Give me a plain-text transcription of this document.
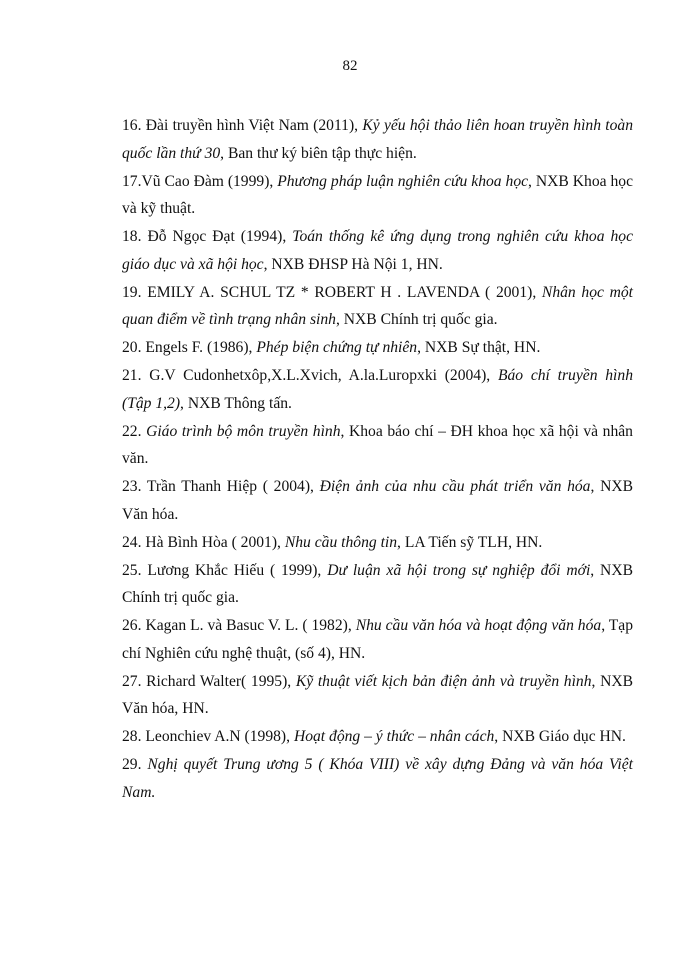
82
16. Đài truyền hình Việt Nam (2011), Kỷ yếu hội thảo liên hoan truyền hình toàn quốc lần thứ 30, Ban thư ký biên tập thực hiện.
17.Vũ Cao Đàm (1999), Phương pháp luận nghiên cứu khoa học, NXB Khoa học và kỹ thuật.
18. Đỗ Ngọc Đạt (1994), Toán thống kê ứng dụng trong nghiên cứu khoa học giáo dục và xã hội học, NXB ĐHSP Hà Nội 1, HN.
19. EMILY A. SCHUL TZ * ROBERT H . LAVENDA ( 2001), Nhân học một quan điểm về tình trạng nhân sinh, NXB Chính trị quốc gia.
20. Engels F. (1986), Phép biện chứng tự nhiên, NXB Sự thật, HN.
21. G.V Cudonhetxôp,X.L.Xvich, A.la.Luropxki (2004), Báo chí truyền hình (Tập 1,2), NXB Thông tấn.
22. Giáo trình bộ môn truyền hình, Khoa báo chí – ĐH khoa học xã hội và nhân văn.
23. Trần Thanh Hiệp ( 2004), Điện ảnh của nhu cầu phát triển văn hóa, NXB Văn hóa.
24. Hà Bình Hòa ( 2001), Nhu cầu thông tin, LA Tiến sỹ TLH, HN.
25. Lương Khắc Hiếu ( 1999), Dư luận xã hội trong sự nghiệp đổi mới, NXB Chính trị quốc gia.
26. Kagan L. và Basuc V. L. ( 1982), Nhu cầu văn hóa và hoạt động văn hóa, Tạp chí Nghiên cứu nghệ thuật, (số 4), HN.
27. Richard Walter( 1995), Kỹ thuật viết kịch bản điện ảnh và truyền hình, NXB Văn hóa, HN.
28. Leonchiev A.N (1998), Hoạt động – ý thức – nhân cách, NXB Giáo dục HN.
29. Nghị quyết Trung ương 5 ( Khóa VIII) về xây dựng Đảng và văn hóa Việt Nam.
